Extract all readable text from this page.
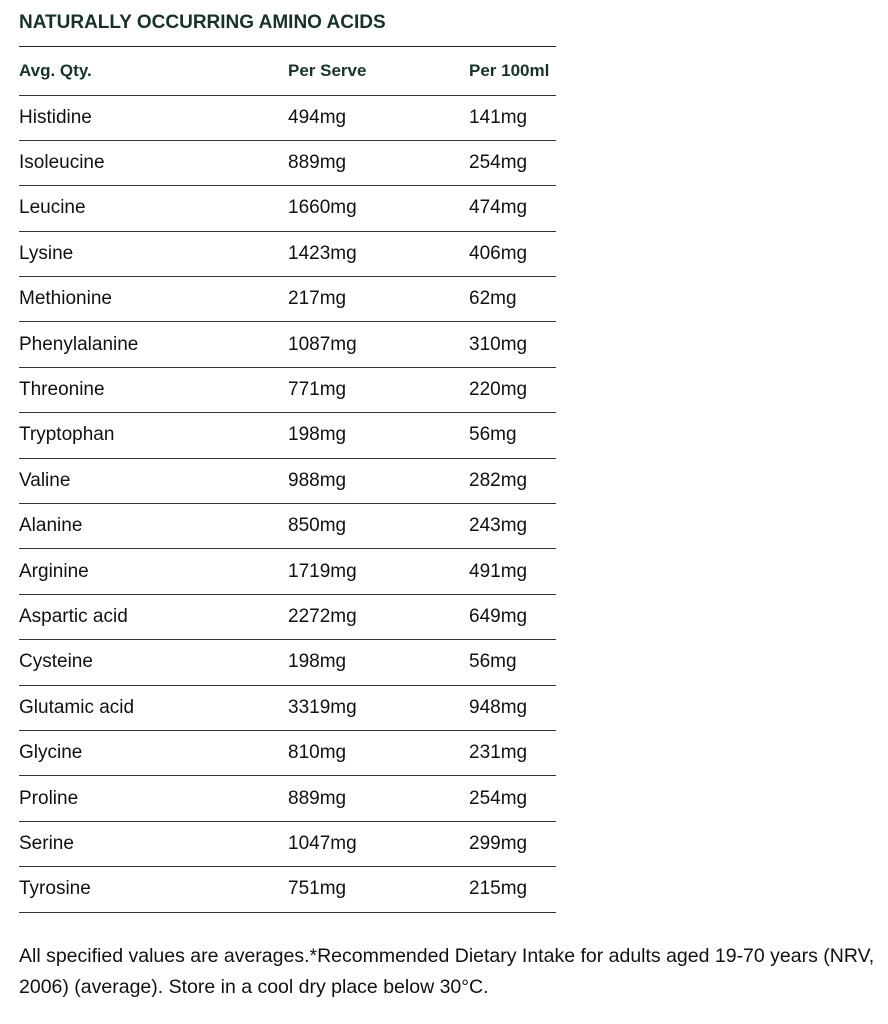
NATURALLY OCCURRING AMINO ACIDS
Avg. Qty.	Per Serve	Per 100ml
Histidine	494mg	141mg
Isoleucine	889mg	254mg
Leucine	1660mg	474mg
Lysine	1423mg	406mg
Methionine	217mg	62mg
Phenylalanine	1087mg	310mg
Threonine	771mg	220mg
Tryptophan	198mg	56mg
Valine	988mg	282mg
Alanine	850mg	243mg
Arginine	1719mg	491mg
Aspartic acid	2272mg	649mg
Cysteine	198mg	56mg
Glutamic acid	3319mg	948mg
Glycine	810mg	231mg
Proline	889mg	254mg
Serine	1047mg	299mg
Tyrosine	751mg	215mg
All specified values are averages.*Recommended Dietary Intake for adults aged 19-70 years (NRV, 2006) (average). Store in a cool dry place below 30°C.
